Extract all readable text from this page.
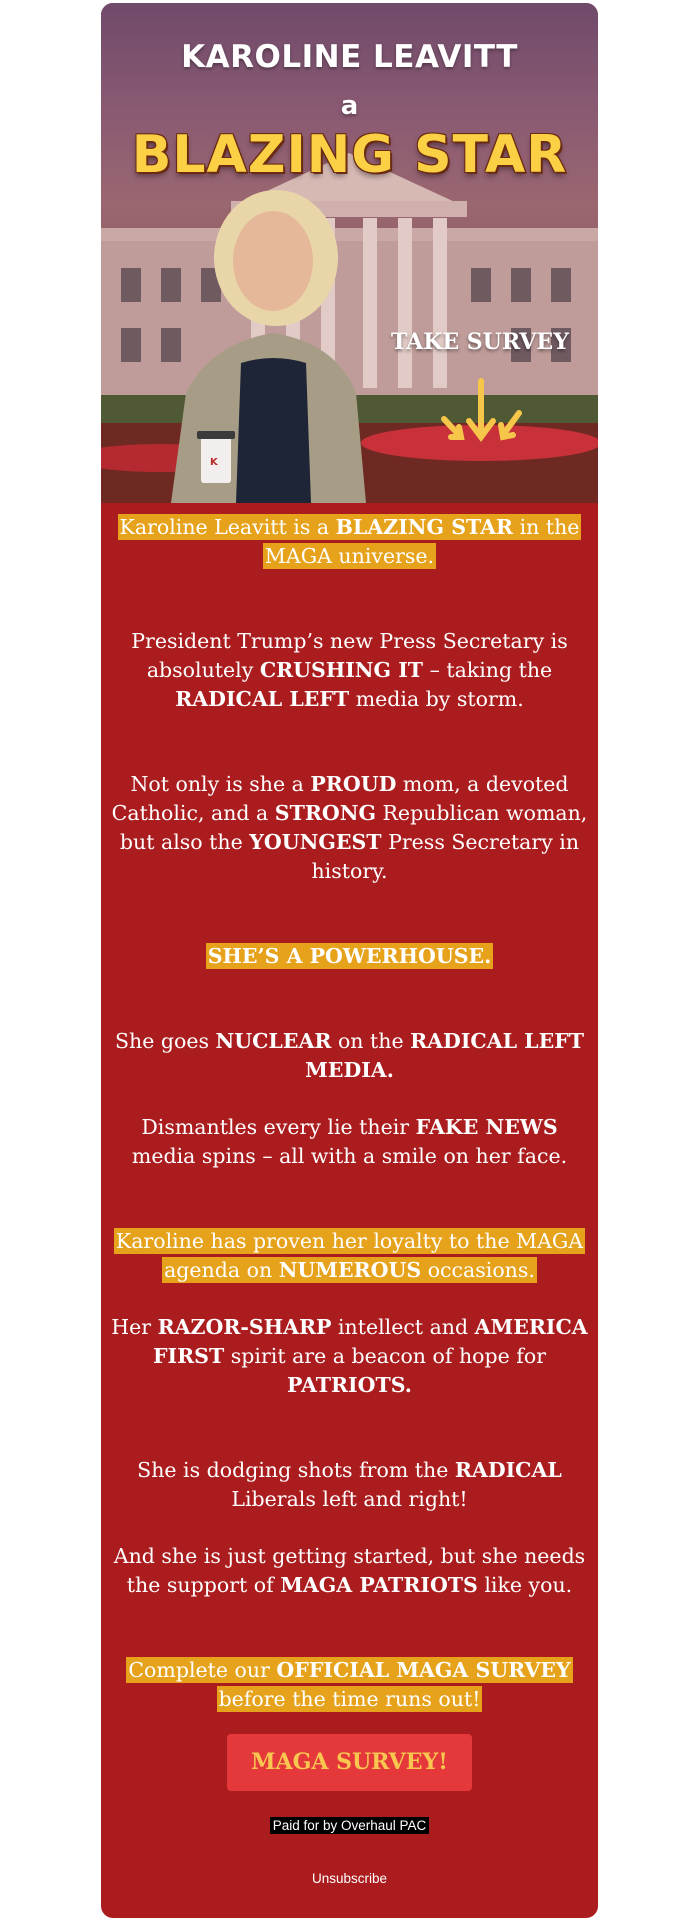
K
KAROLINE LEAVITT
a
BLAZING STAR
TAKE SURVEY

Karoline Leavitt is a BLAZING STAR in the MAGA universe.

President Trump’s new Press Secretary is absolutely CRUSHING IT – taking the RADICAL LEFT media by storm.

Not only is she a PROUD mom, a devoted Catholic, and a STRONG Republican woman, but also the YOUNGEST Press Secretary in history.

SHE’S A POWERHOUSE.

She goes NUCLEAR on the RADICAL LEFT MEDIA.

Dismantles every lie their FAKE NEWS media spins – all with a smile on her face.

Karoline has proven her loyalty to the MAGA agenda on NUMEROUS occasions.

Her RAZOR-SHARP intellect and AMERICA FIRST spirit are a beacon of hope for PATRIOTS.

She is dodging shots from the RADICAL Liberals left and right!

And she is just getting started, but she needs the support of MAGA PATRIOTS like you.

Complete our OFFICIAL MAGA SURVEY before the time runs out!

MAGA SURVEY!
Paid for by Overhaul PAC
Unsubscribe
